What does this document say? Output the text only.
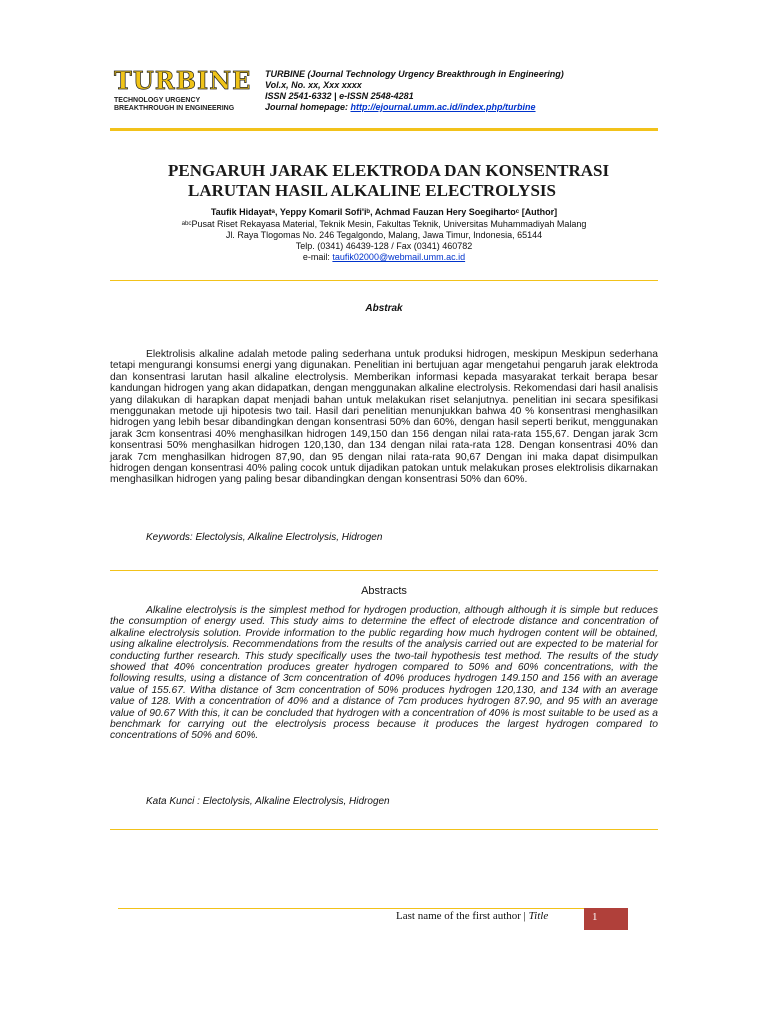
TURBINE
TECHNOLOGY URGENCY
BREAKTHROUGH IN ENGINEERING
TURBINE (Journal Technology Urgency Breakthrough in Engineering)
Vol.x, No. xx, Xxx xxxx
ISSN 2541-6332 | e-ISSN 2548-4281
Journal homepage: http://ejournal.umm.ac.id/index.php/turbine
PENGARUH JARAK ELEKTRODA DAN KONSENTRASI
LARUTAN HASIL ALKALINE ELECTROLYSIS
Taufik Hidayatᵃ, Yeppy Komaril Sofi'iᵇ, Achmad Fauzan Hery Soegihartoᶜ [Author]
ᵃᵇᶜPusat Riset Rekayasa Material, Teknik Mesin, Fakultas Teknik, Universitas Muhammadiyah Malang
Jl. Raya Tlogomas No. 246 Tegalgondo, Malang, Jawa Timur, Indonesia, 65144
Telp. (0341) 46439-128 / Fax (0341) 460782
e-mail: taufik02000@webmail.umm.ac.id
Abstrak

Elektrolisis alkaline adalah metode paling sederhana untuk produksi hidrogen, meskipun Meskipun sederhana tetapi mengurangi konsumsi energi yang digunakan. Penelitian ini bertujuan agar mengetahui pengaruh jarak elektroda dan konsentrasi larutan hasil alkaline electrolysis. Memberikan informasi kepada masyarakat terkait berapa besar kandungan hidrogen yang akan didapatkan, dengan menggunakan alkaline electrolysis. Rekomendasi dari hasil analisis yang dilakukan di harapkan dapat menjadi bahan untuk melakukan riset selanjutnya. penelitian ini secara spesifikasi menggunakan metode uji hipotesis two tail. Hasil dari penelitian menunjukkan bahwa 40 % konsentrasi menghasilkan hidrogen yang lebih besar dibandingkan dengan konsentrasi 50% dan 60%, dengan hasil seperti berikut, menggunakan jarak 3cm konsentrasi 40% menghasilkan hidrogen 149,150 dan 156 dengan nilai rata-rata 155,67. Dengan jarak 3cm konsentrasi 50% menghasilkan hidrogen 120,130, dan 134 dengan nilai rata-rata 128. Dengan konsentrasi 40% dan jarak 7cm menghasilkan hidrogen 87,90, dan 95 dengan nilai rata-rata 90,67 Dengan ini maka dapat disimpulkan hidrogen dengan konsentrasi 40% paling cocok untuk dijadikan patokan untuk melakukan proses elektrolisis dikarnakan menghasilkan hidrogen yang paling besar dibandingkan dengan konsentrasi 50% dan 60%.

Keywords: Electolysis, Alkaline Electrolysis, Hidrogen
Abstracts

Alkaline electrolysis is the simplest method for hydrogen production, although although it is simple but reduces the consumption of energy used. This study aims to determine the effect of electrode distance and concentration of alkaline electrolysis solution. Provide information to the public regarding how much hydrogen content will be obtained, using alkaline electrolysis. Recommendations from the results of the analysis carried out are expected to be material for conducting further research. This study specifically uses the two-tail hypothesis test method. The results of the study showed that 40% concentration produces greater hydrogen compared to 50% and 60% concentrations, with the following results, using a distance of 3cm concentration of 40% produces hydrogen 149.150 and 156 with an average value of 155.67. Witha distance of 3cm concentration of 50% produces hydrogen 120,130, and 134 with an average value of 128. With a concentration of 40% and a distance of 7cm produces hydrogen 87.90, and 95 with an average value of 90.67 With this, it can be concluded that hydrogen with a concentration of 40% is most suitable to be used as a benchmark for carrying out the electrolysis process because it produces the largest hydrogen compared to concentrations of 50% and 60%.

Kata Kunci : Electolysis, Alkaline Electrolysis, Hidrogen
Last name of the first author | Title	1
